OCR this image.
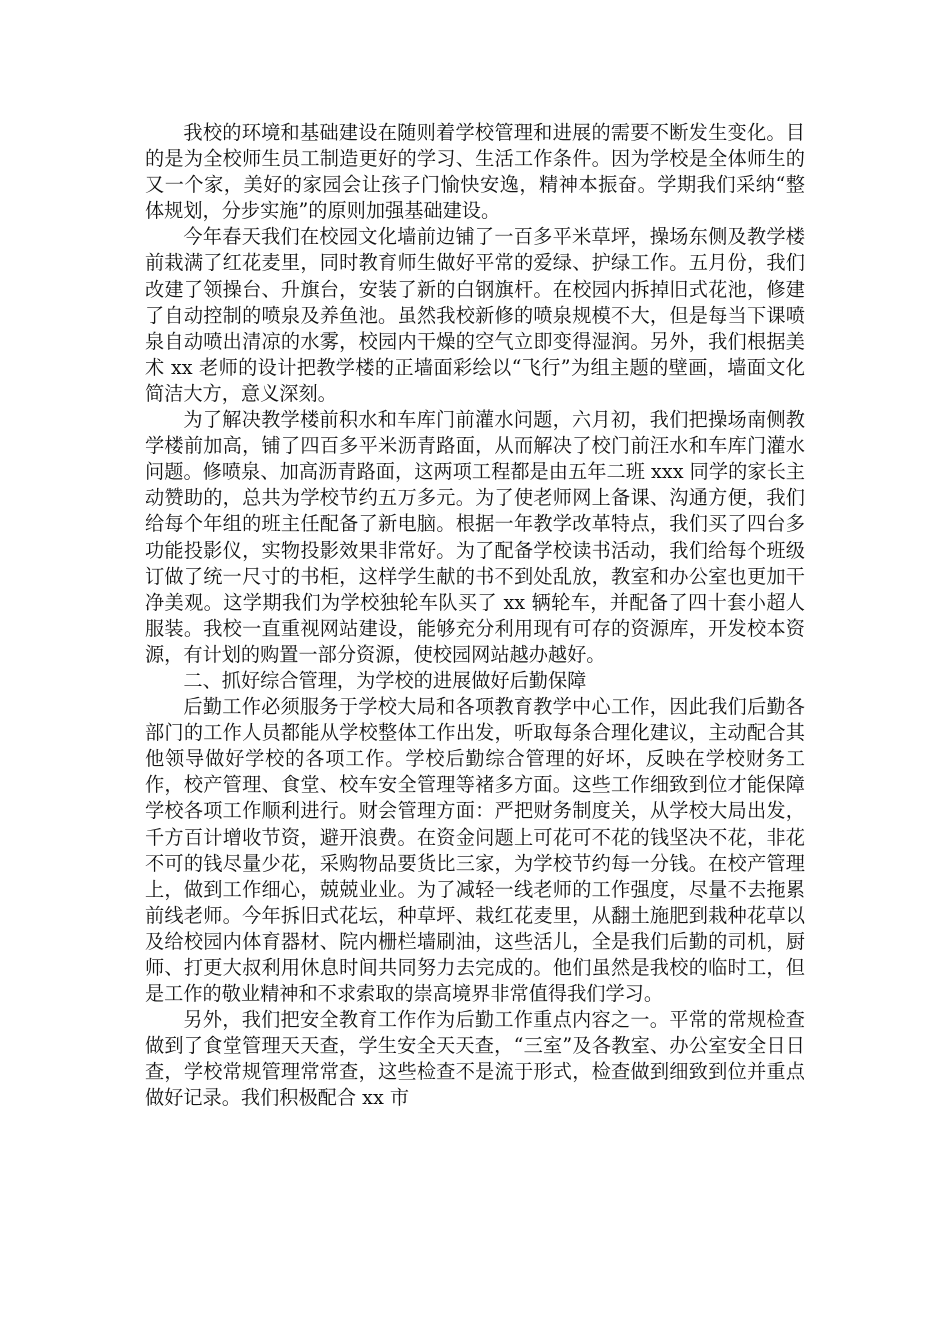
我校的环境和基础建设在随则着学校管理和进展的需要不断发生变化。目的是为全校师生员工制造更好的学习、生活工作条件。因为学校是全体师生的又一个家，美好的家园会让孩子门愉快安逸，精神本振奋。学期我们采纳“整体规划，分步实施”的原则加强基础建设。

今年春天我们在校园文化墙前边铺了一百多平米草坪，操场东侧及教学楼前栽满了红花麦里，同时教育师生做好平常的爱绿、护绿工作。五月份，我们改建了领操台、升旗台，安装了新的白钢旗杆。在校园内拆掉旧式花池，修建了自动控制的喷泉及养鱼池。虽然我校新修的喷泉规模不大，但是每当下课喷泉自动喷出清凉的水雾，校园内干燥的空气立即变得湿润。另外，我们根据美术 xx 老师的设计把教学楼的正墙面彩绘以“飞行”为组主题的壁画，墙面文化简洁大方，意义深刻。

为了解决教学楼前积水和车库门前灌水问题，六月初，我们把操场南侧教学楼前加高，铺了四百多平米沥青路面，从而解决了校门前汪水和车库门灌水问题。修喷泉、加高沥青路面，这两项工程都是由五年二班 xxx 同学的家长主动赞助的，总共为学校节约五万多元。为了使老师网上备课、沟通方便，我们给每个年组的班主任配备了新电脑。根据一年教学改革特点，我们买了四台多功能投影仪，实物投影效果非常好。为了配备学校读书活动，我们给每个班级订做了统一尺寸的书柜，这样学生献的书不到处乱放，教室和办公室也更加干净美观。这学期我们为学校独轮车队买了 xx 辆轮车，并配备了四十套小超人服装。我校一直重视网站建设，能够充分利用现有可存的资源库，开发校本资源，有计划的购置一部分资源，使校园网站越办越好。

二、抓好综合管理，为学校的进展做好后勤保障

后勤工作必须服务于学校大局和各项教育教学中心工作，因此我们后勤各部门的工作人员都能从学校整体工作出发，听取每条合理化建议，主动配合其他领导做好学校的各项工作。学校后勤综合管理的好坏，反映在学校财务工作，校产管理、食堂、校车安全管理等褚多方面。这些工作细致到位才能保障学校各项工作顺利进行。财会管理方面：严把财务制度关，从学校大局出发，千方百计增收节资，避开浪费。在资金问题上可花可不花的钱坚决不花，非花不可的钱尽量少花，采购物品要货比三家，为学校节约每一分钱。在校产管理上，做到工作细心，兢兢业业。为了减轻一线老师的工作强度，尽量不去拖累前线老师。今年拆旧式花坛，种草坪、栽红花麦里，从翻土施肥到栽种花草以及给校园内体育器材、院内栅栏墙刷油，这些活儿，全是我们后勤的司机，厨师、打更大叔利用休息时间共同努力去完成的。他们虽然是我校的临时工，但是工作的敬业精神和不求索取的崇高境界非常值得我们学习。

另外，我们把安全教育工作作为后勤工作重点内容之一。平常的常规检查做到了食堂管理天天查，学生安全天天查，“三室”及各教室、办公室安全日日查，学校常规管理常常查，这些检查不是流于形式，检查做到细致到位并重点做好记录。我们积极配合 xx 市
